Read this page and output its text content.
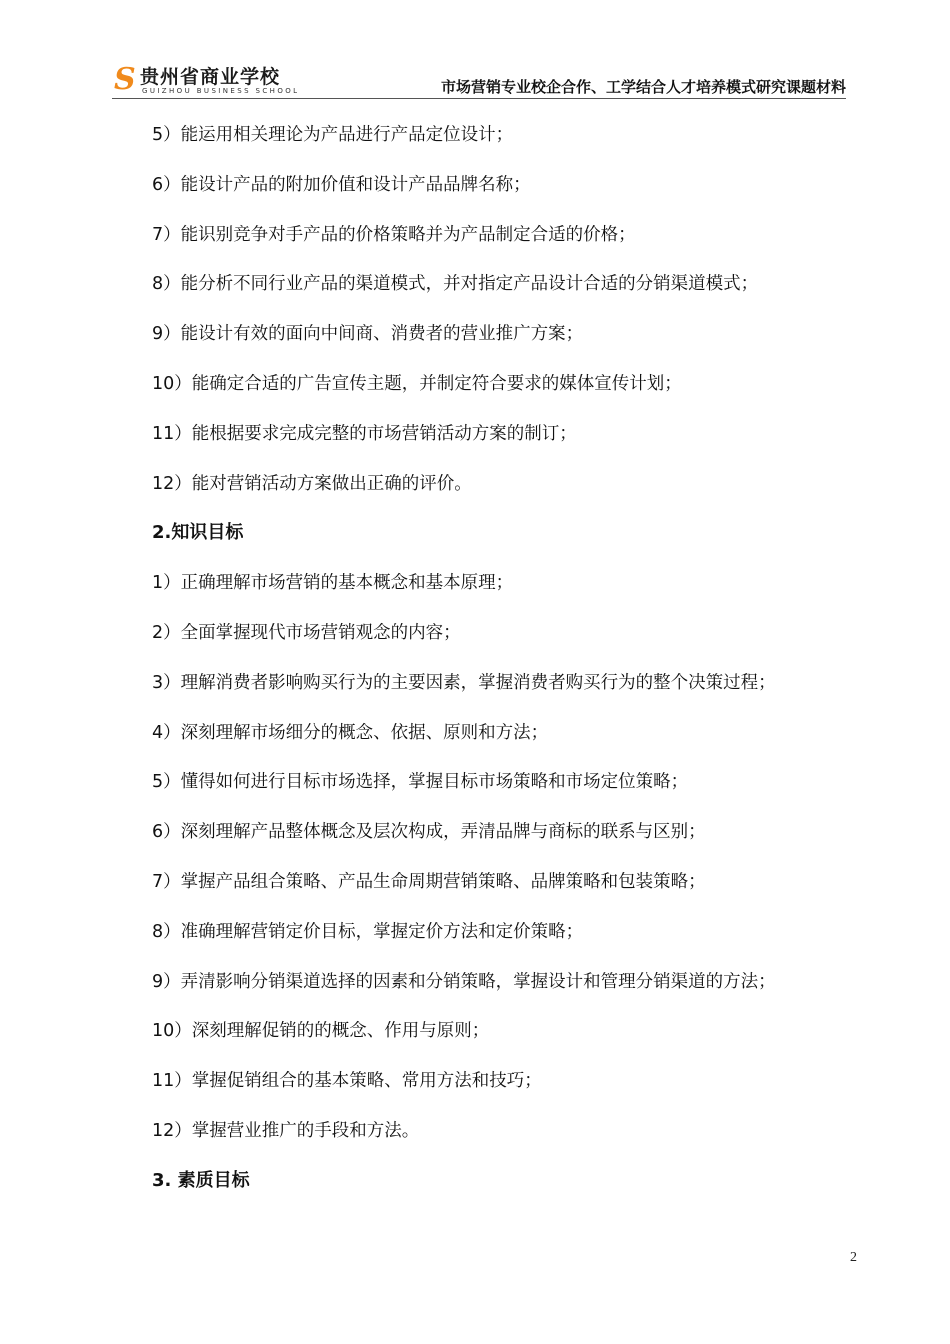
S 贵州省商业学校
GUIZHOU BUSINESS SCHOOL	市场营销专业校企合作、工学结合人才培养模式研究课题材料
5）能运用相关理论为产品进行产品定位设计；
6）能设计产品的附加价值和设计产品品牌名称；
7）能识别竞争对手产品的价格策略并为产品制定合适的价格；
8）能分析不同行业产品的渠道模式，并对指定产品设计合适的分销渠道模式；
9）能设计有效的面向中间商、消费者的营业推广方案；
10）能确定合适的广告宣传主题，并制定符合要求的媒体宣传计划；
11）能根据要求完成完整的市场营销活动方案的制订；
12）能对营销活动方案做出正确的评价。
2.知识目标
1）正确理解市场营销的基本概念和基本原理；
2）全面掌握现代市场营销观念的内容；
3）理解消费者影响购买行为的主要因素，掌握消费者购买行为的整个决策过程；
4）深刻理解市场细分的概念、依据、原则和方法；
5）懂得如何进行目标市场选择，掌握目标市场策略和市场定位策略；
6）深刻理解产品整体概念及层次构成，弄清品牌与商标的联系与区别；
7）掌握产品组合策略、产品生命周期营销策略、品牌策略和包装策略；
8）准确理解营销定价目标，掌握定价方法和定价策略；
9）弄清影响分销渠道选择的因素和分销策略，掌握设计和管理分销渠道的方法；
10）深刻理解促销的的概念、作用与原则；
11）掌握促销组合的基本策略、常用方法和技巧；
12）掌握营业推广的手段和方法。
3. 素质目标
2
